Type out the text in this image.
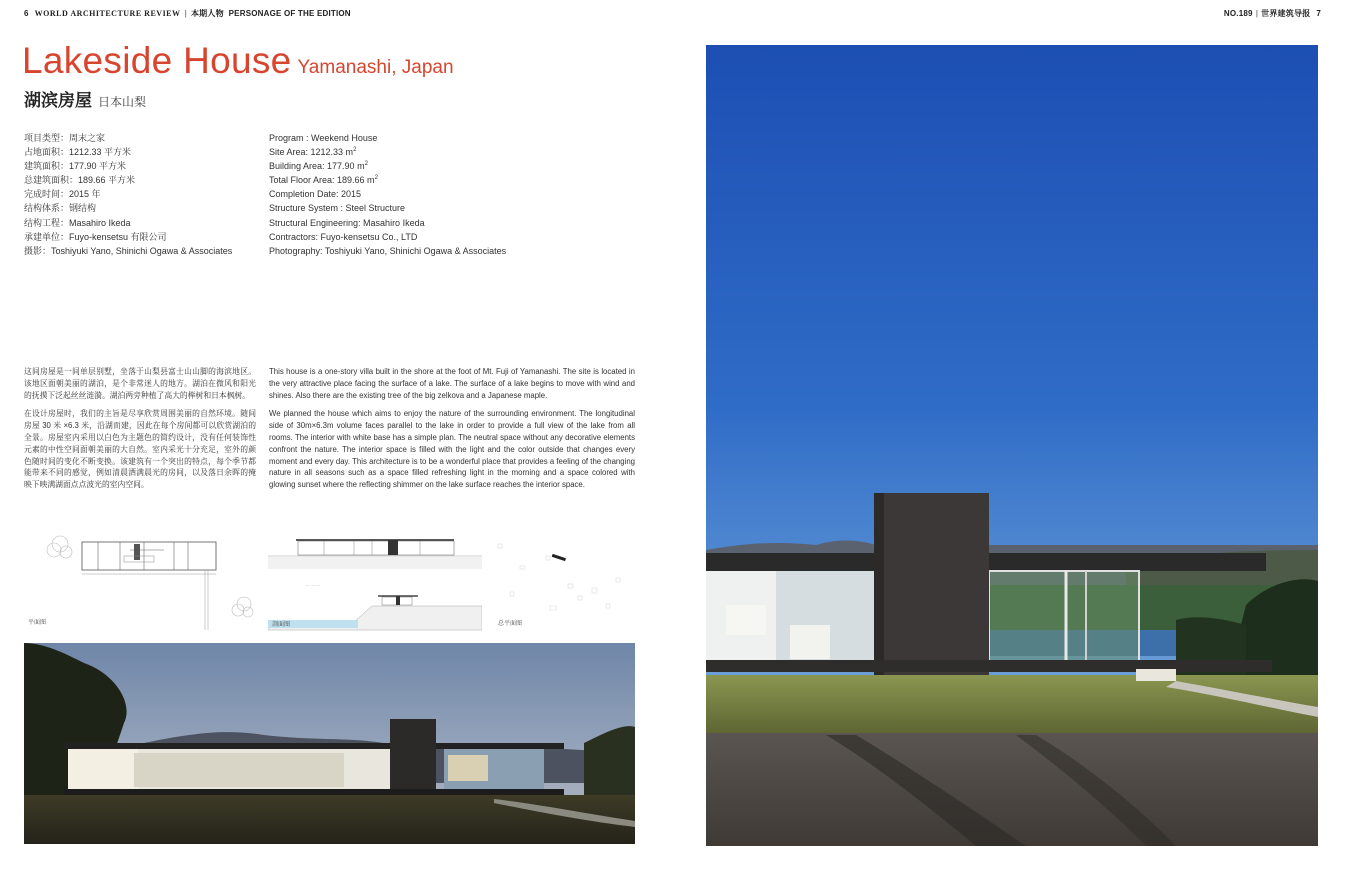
6 WORLD ARCHITECTURE REVIEW | 本期人物 PERSONAGE OF THE EDITION	NO.189 | 世界建筑导报 7
Lakeside House Yamanashi, Japan
湖滨房屋 日本山梨
项目类型：周末之家
占地面积：1212.33 平方米
建筑面积：177.90 平方米
总建筑面积：189.66 平方米
完成时间：2015 年
结构体系：钢结构
结构工程：Masahiro Ikeda
承建单位：Fuyo-kensetsu 有限公司
摄影：Toshiyuki Yano, Shinichi Ogawa & Associates
Program : Weekend House
Site Area: 1212.33 $m^2$
Building Area: 177.90 $m^2$
Total Floor Area: 189.66 $m^2$
Completion Date: 2015
Structure System : Steel Structure
Structural Engineering: Masahiro Ikeda
Contractors: Fuyo-kensetsu Co., LTD
Photography: Toshiyuki Yano, Shinichi Ogawa & Associates

这间房屋是一间单层别墅，坐落于山梨县富士山山脚的海滨地区。该地区面朝美丽的湖泊，是个非常迷人的地方。湖泊在微风和阳光的抚摸下泛起丝丝涟漪。湖泊两旁种植了高大的榉树和日本枫树。

在设计房屋时，我们的主旨是尽享欣赏周围美丽的自然环境。随间房屋 30 米 ×6.3 米，沿湖而建，因此在每个房间都可以欣赏湖泊的全景。房屋室内采用以白色为主题色的简约设计，没有任何装饰性元素的中性空间面朝美丽的大自然。室内采光十分充足，室外的颜色随时间的变化不断变换。该建筑有一个突出的特点，每个季节都能带来不同的感觉，例如清晨洒满晨光的房间，以及落日余晖的掩映下映满湖面点点波光的室内空间。

This house is a one-story villa built in the shore at the foot of Mt. Fuji of Yamanashi. The site is located in the very attractive place facing the surface of a lake. The surface of a lake begins to move with wind and shines. Also there are the existing tree of the big zelkova and a Japanese maple.

We planned the house which aims to enjoy the nature of the surrounding environment. The longitudinal side of 30m×6.3m volume faces parallel to the lake in order to provide a full view of the lake from all rooms. The interior with white base has a simple plan. The neutral space without any decorative elements confront the nature. The interior space is filled with the light and the color outside that changes every moment and every day. This architecture is to be a wonderful place that provides a feeling of the changing nature in all seasons such as a space filled refreshing light in the morning and a space colored with glowing sunset where the reflecting shimmer on the lake surface reaches the interior space.

平面图
— · — · —
剖面图	总平面图
